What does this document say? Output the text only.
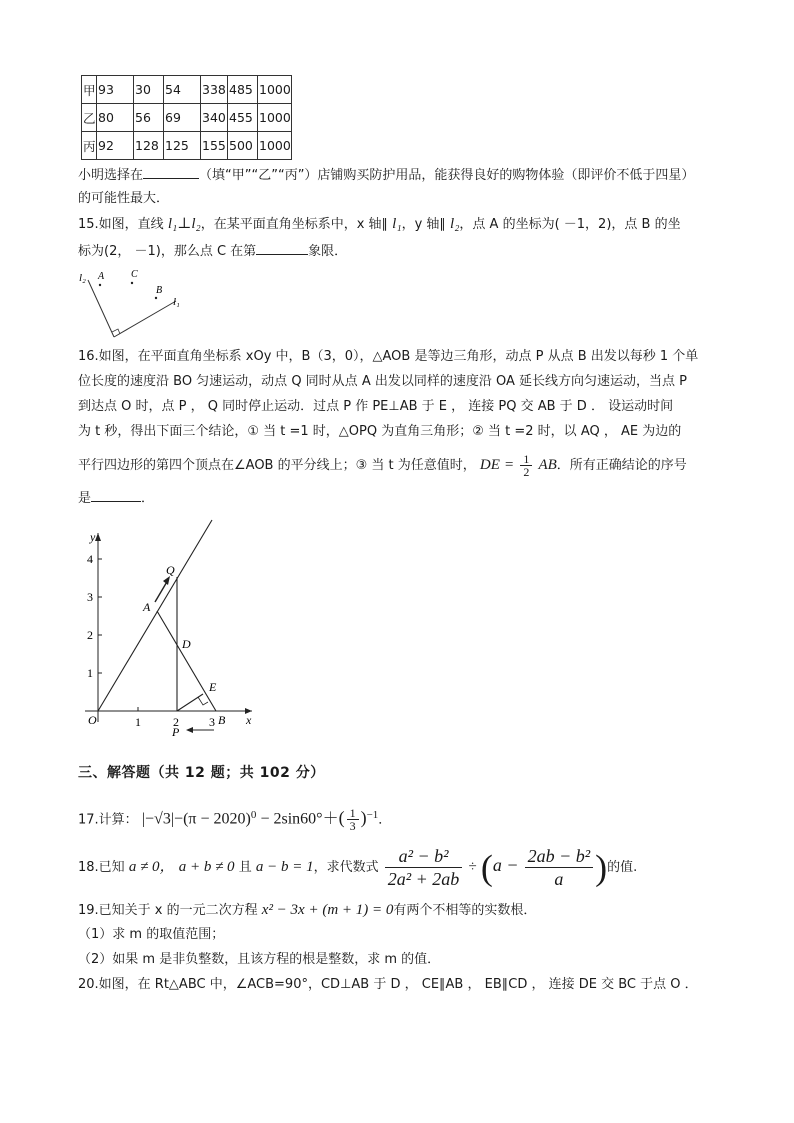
甲	93	30	54	338	485	1000
乙	80	56	69	340	455	1000
丙	92	128	125	155	500	1000
小明选择在	（填“甲”“乙”“丙”）店铺购买防护用品，能获得良好的购物体验（即评价不低于四星）
的可能性最大．
15.如图，直线 l₁⊥l₂，在某平面直角坐标系中，x 轴∥ l₁，y 轴∥ l₂，点 A 的坐标为( －1，2)，点 B 的坐
标为(2， －1)，那么点 C 在第	象限．
l₂
l₁
A	C
B
16.如图，在平面直角坐标系 xOy 中，B（3，0），△AOB 是等边三角形，动点 P 从点 B 出发以每秒 1 个单
位长度的速度沿 BO 匀速运动，动点 Q 同时从点 A 出发以同样的速度沿 OA 延长线方向匀速运动，当点 P
到达点 O 时，点 P ， Q 同时停止运动．过点 P 作 PE⊥AB 于 E ， 连接 PQ 交 AB 于 D ． 设运动时间
为 t 秒，得出下面三个结论，① 当 t =1 时，△OPQ 为直角三角形；② 当 t =2 时，以 AQ ， AE 为边的
平行四边形的第四个顶点在∠AOB 的平分线上；③ 当 t 为任意值时， DE = $\frac{1}{2}$ AB．所有正确结论的序号
是	．
y
x
4
3
2
1
1	2	3
O	B
A
Q
D
E
P
三、解答题（共 12 题；共 102 分）
17.计算： $|-√3|-(\pi - 2020)^0 - 2\sin 60^\circ+( \frac{1}{3} )^{-1}$．
18.已知 a ≠ 0， a + b ≠ 0 且 a − b = 1，求代数式 $\frac{\text{a² − b²}}{\text{2a² + 2ab}} \div (a - \frac{\text{2ab − b²}}{a}$ )的值.
19.已知关于 x 的一元二次方程 x² − 3x + (m + 1) = 0有两个不相等的实数根．
（1）求 m 的取值范围；
（2）如果 m 是非负整数，且该方程的根是整数，求 m 的值．
20.如图，在 Rt△ABC 中，∠ACB=90°，CD⊥AB 于 D ， CE∥AB ， EB∥CD ， 连接 DE 交 BC 于点 O ．
